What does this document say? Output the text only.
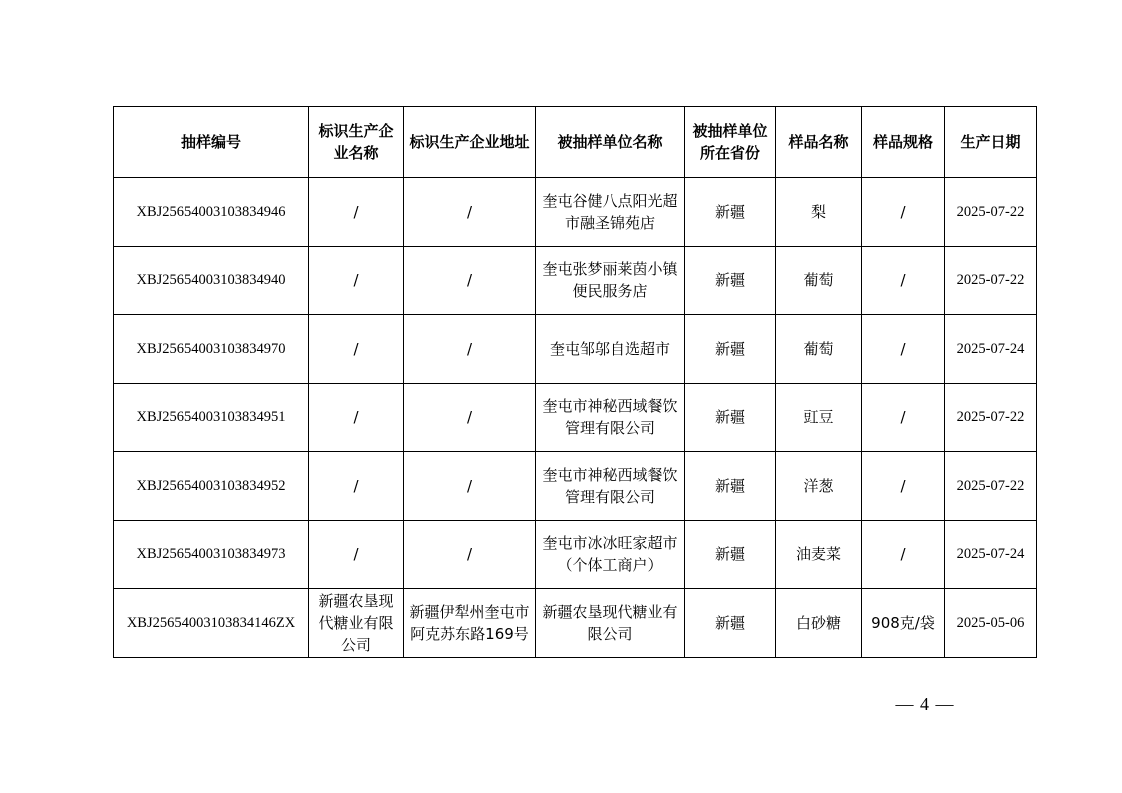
抽样编号	标识生产企业名称	标识生产企业地址	被抽样单位名称	被抽样单位所在省份	样品名称	样品规格	生产日期
XBJ25654003103834946	/	/	奎屯谷健八点阳光超市融圣锦苑店	新疆	梨	/	2025-07-22
XBJ25654003103834940	/	/	奎屯张梦丽莱茵小镇便民服务店	新疆	葡萄	/	2025-07-22
XBJ25654003103834970	/	/	奎屯邹邬自选超市	新疆	葡萄	/	2025-07-24
XBJ25654003103834951	/	/	奎屯市神秘西域餐饮管理有限公司	新疆	豇豆	/	2025-07-22
XBJ25654003103834952	/	/	奎屯市神秘西域餐饮管理有限公司	新疆	洋葱	/	2025-07-22
XBJ25654003103834973	/	/	奎屯市冰冰旺家超市（个体工商户）	新疆	油麦菜	/	2025-07-24
XBJ25654003103834146ZX	新疆农垦现代糖业有限公司	新疆伊犁州奎屯市阿克苏东路169号	新疆农垦现代糖业有限公司	新疆	白砂糖	908克/袋	2025-05-06
— 4 —
